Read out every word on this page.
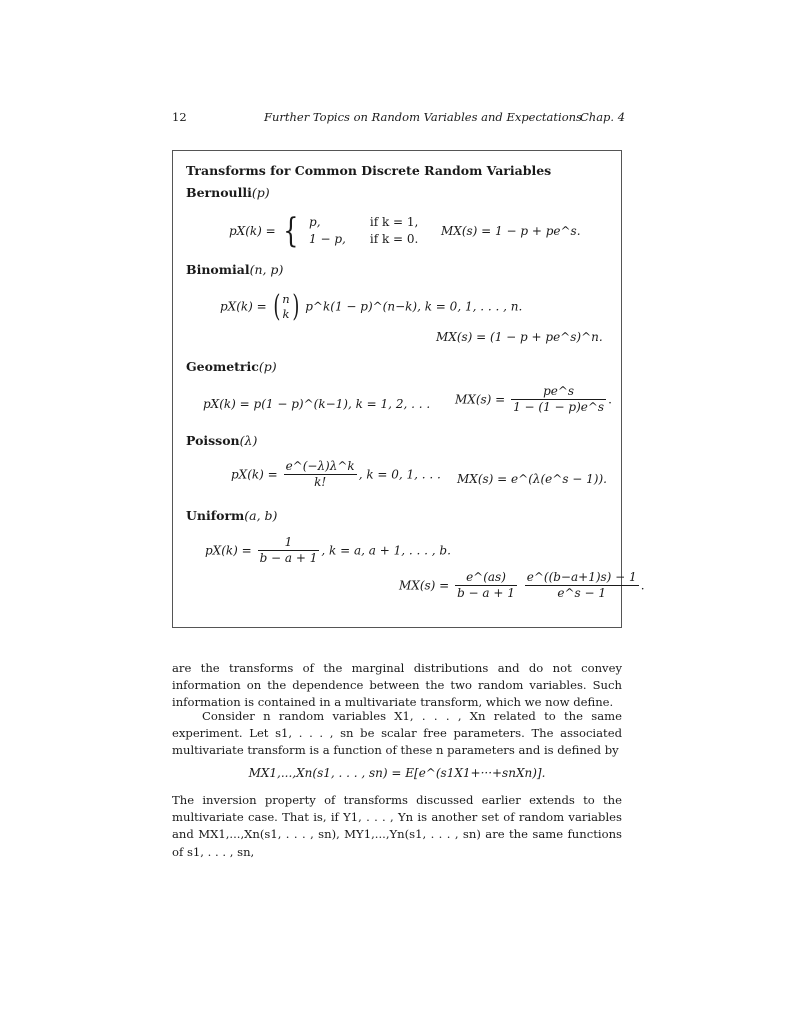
12	Further Topics on Random Variables and Expectations
Chap. 4
Transforms for Common Discrete Random Variables
Bernoulli(p)
pX(k) = { p,	if k = 1,
1 − p,	if k = 0.
MX(s) = 1 − p + pe^s.
Binomial(n, p)
pX(k) = ( n
k ) p^k(1 − p)^(n−k), k = 0, 1, . . . , n.
MX(s) = (1 − p + pe^s)^n.
Geometric(p)
pX(k) = p(1 − p)^(k−1), k = 1, 2, . . . $MX(s) = \frac{pe\^{}s}{1 - (1 - p)e\^{}s}$ .
Poisson(λ)
$pX(k) = \frac{e\^{}(-\lambda)\lambda\^{}k}{k!}$ , k = 0, 1, . . . MX(s) = e^(λ(e^s − 1)).
Uniform(a, b)
$pX(k) = \frac{1}{b - a + 1}$ , k = a, a + 1, . . . , b.
$MX(s) = \frac{e\^{}(as)}{b - a + 1}$
$\frac{e\^{}((b-a+1)s) - 1}{e\^{}s - 1}$ .

are the transforms of the marginal distributions and do not convey information on the dependence between the two random variables. Such information is contained in a multivariate transform, which we now define.

Consider n random variables X1, . . . , Xn related to the same experiment. Let s1, . . . , sn be scalar free parameters. The associated multivariate transform is a function of these n parameters and is defined by

MX1,...,Xn(s1, . . . , sn) = E[e^(s1X1+···+snXn)].

The inversion property of transforms discussed earlier extends to the multivariate case. That is, if Y1, . . . , Yn is another set of random variables and MX1,...,Xn(s1, . . . , sn), MY1,...,Yn(s1, . . . , sn) are the same functions of s1, . . . , sn,
